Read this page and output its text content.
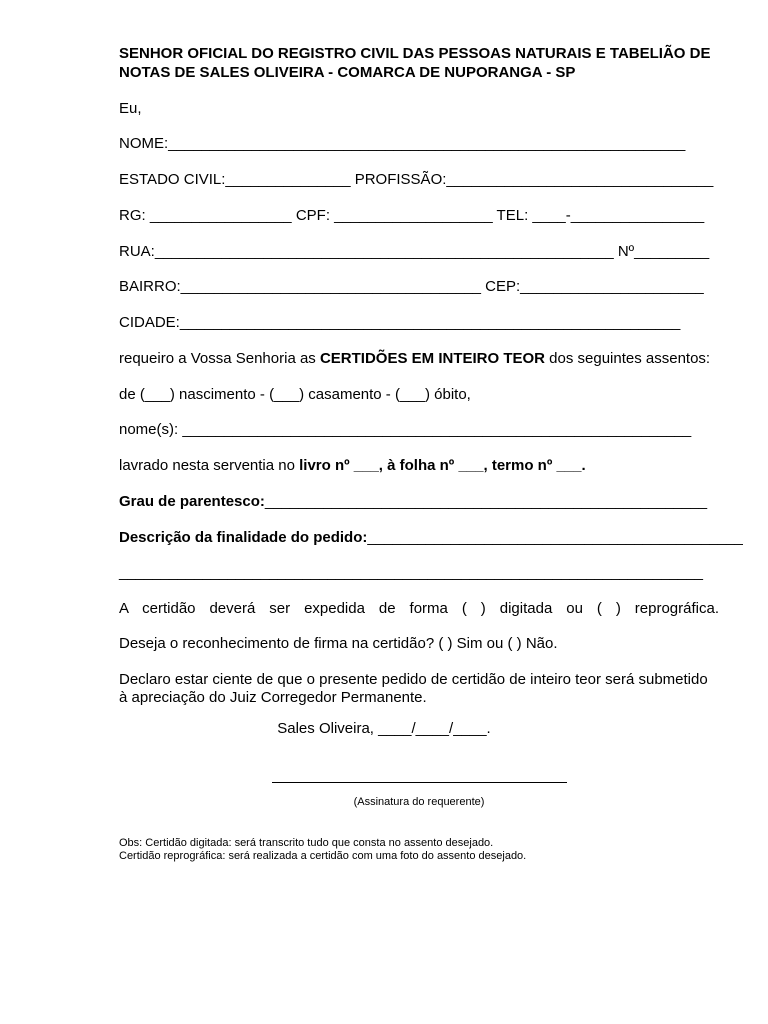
SENHOR OFICIAL DO REGISTRO CIVIL DAS PESSOAS NATURAIS E TABELIÃO DE

NOTAS DE SALES OLIVEIRA - COMARCA DE NUPORANGA - SP

Eu,
NOME:______________________________________________________________
ESTADO CIVIL:_______________ PROFISSÃO:________________________________
RG: _________________ CPF: ___________________ TEL: ____-________________
RUA:_______________________________________________________ Nº_________
BAIRRO:____________________________________ CEP:______________________
CIDADE:____________________________________________________________
requeiro a Vossa Senhoria as CERTIDÕES EM INTEIRO TEOR dos seguintes assentos:
de (___) nascimento - (___) casamento - (___) óbito,
nome(s): _____________________________________________________________
lavrado nesta serventia no livro nº ___, à folha nº ___, termo nº ___.
Grau de parentesco:_____________________________________________________
Descrição da finalidade do pedido:_____________________________________________
______________________________________________________________________
A certidão deverá ser expedida de forma ( ) digitada ou ( ) reprográfica.
Deseja o reconhecimento de firma na certidão? ( ) Sim ou ( ) Não.
Declaro estar ciente de que o presente pedido de certidão de inteiro teor será submetido à apreciação do Juiz Corregedor Permanente.
Sales Oliveira, ____/____/____.
(Assinatura do requerente)
Obs: Certidão digitada: será transcrito tudo que consta no assento desejado.
Certidão reprográfica: será realizada a certidão com uma foto do assento desejado.
